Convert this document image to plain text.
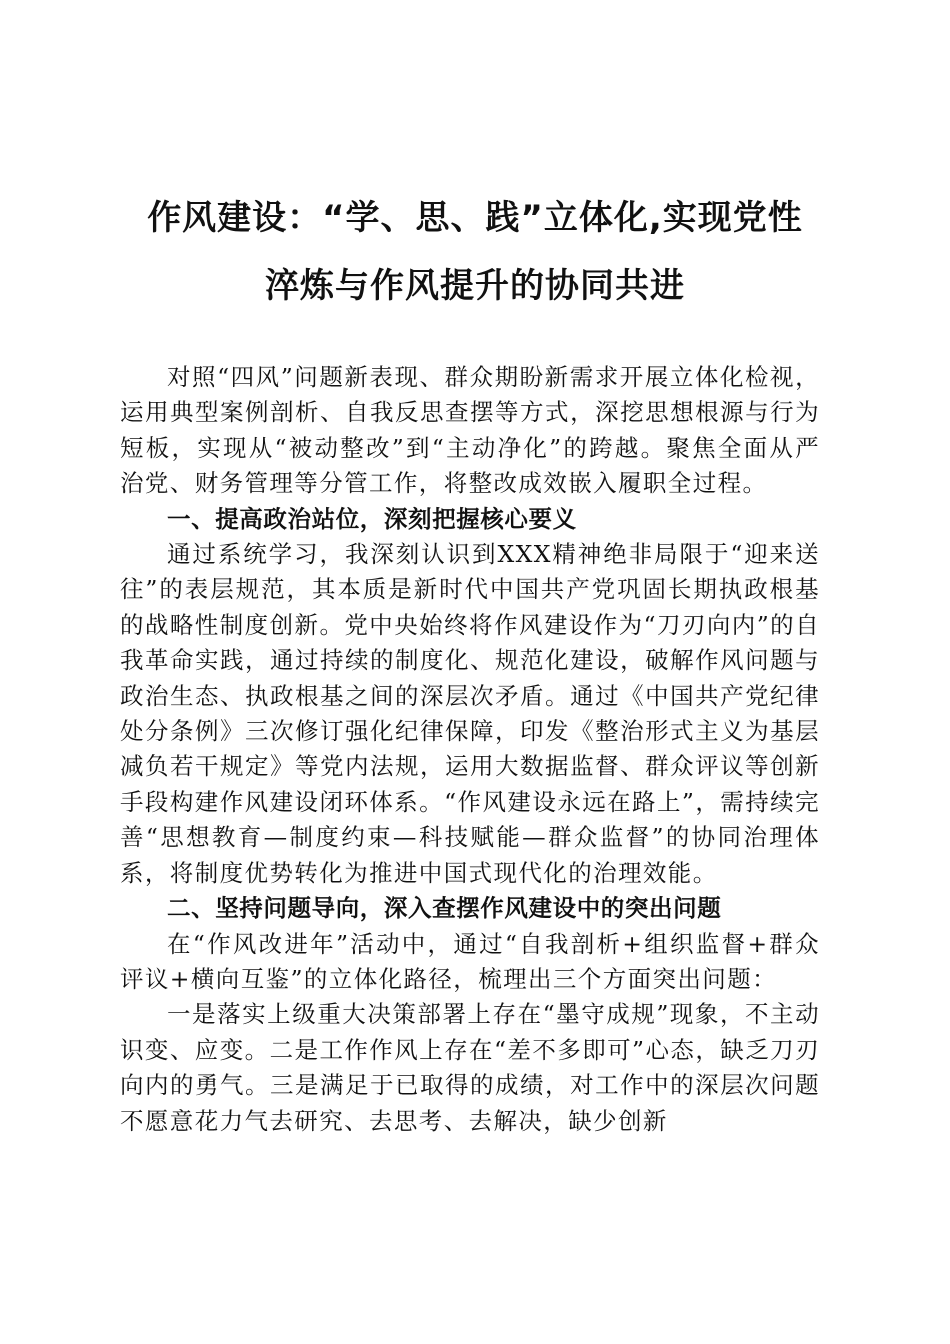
作风建设：“学、思、践”立体化,实现党性
淬炼与作风提升的协同共进

对照“四风”问题新表现、群众期盼新需求开展立体化检视，运用典型案例剖析、自我反思查摆等方式，深挖思想根源与行为短板，实现从“被动整改”到“主动净化”的跨越。聚焦全面从严治党、财务管理等分管工作，将整改成效嵌入履职全过程。

一、提高政治站位，深刻把握核心要义

通过系统学习，我深刻认识到XXX精神绝非局限于“迎来送往”的表层规范，其本质是新时代中国共产党巩固长期执政根基的战略性制度创新。党中央始终将作风建设作为“刀刃向内”的自我革命实践，通过持续的制度化、规范化建设，破解作风问题与政治生态、执政根基之间的深层次矛盾。通过《中国共产党纪律处分条例》三次修订强化纪律保障，印发《整治形式主义为基层减负若干规定》等党内法规，运用大数据监督、群众评议等创新手段构建作风建设闭环体系。“作风建设永远在路上”，需持续完善“思想教育—制度约束—科技赋能—群众监督”的协同治理体系，将制度优势转化为推进中国式现代化的治理效能。

二、坚持问题导向，深入查摆作风建设中的突出问题

在“作风改进年”活动中，通过“自我剖析+组织监督+群众评议+横向互鉴”的立体化路径，梳理出三个方面突出问题：

一是落实上级重大决策部署上存在“墨守成规”现象，不主动识变、应变。二是工作作风上存在“差不多即可”心态，缺乏刀刃向内的勇气。三是满足于已取得的成绩，对工作中的深层次问题不愿意花力气去研究、去思考、去解决，缺少创新
